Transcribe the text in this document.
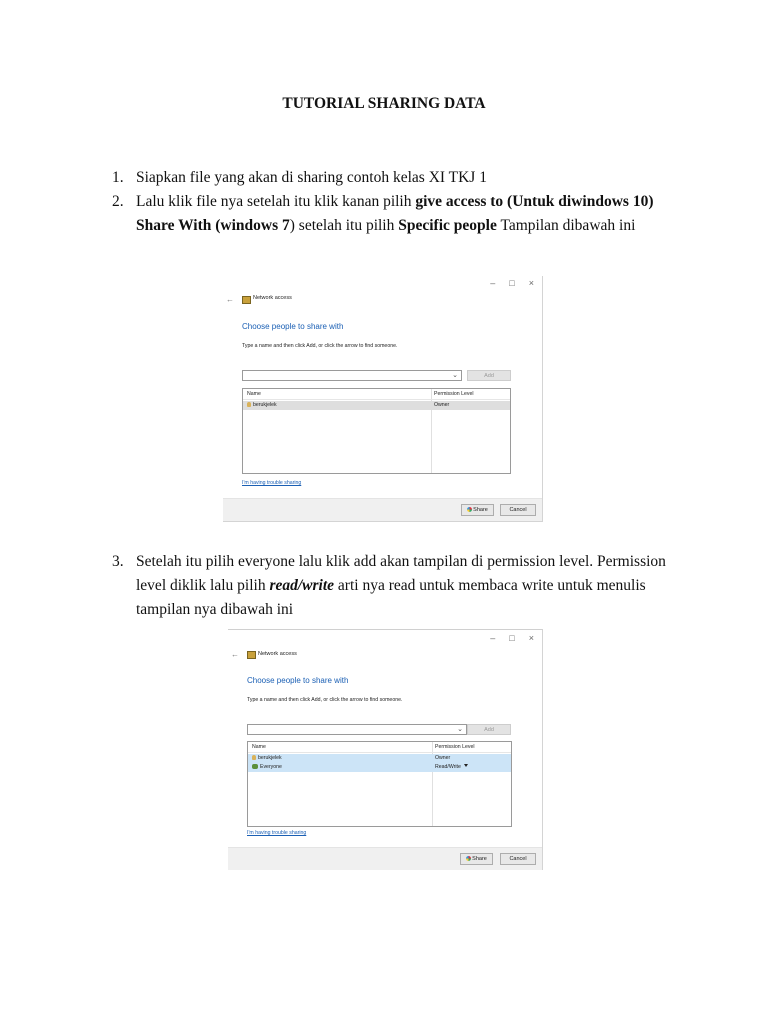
TUTORIAL SHARING DATA
1. Siapkan file yang akan di sharing contoh kelas XI TKJ 1
2. Lalu klik file nya setelah itu klik kanan pilih give access to (Untuk diwindows 10) Share With (windows 7) setelah itu pilih Specific people Tampilan dibawah ini
– □ ×
←	Network access
Choose people to share with
Type a name and then click Add, or click the arrow to find someone.
⌄	Add
Name	Permission Level
berukjelek	Owner
I'm having trouble sharing
Share	Cancel
3. Setelah itu pilih everyone lalu klik add akan tampilan di permission level. Permission level diklik lalu pilih read/write arti nya read untuk membaca write untuk menulis tampilan nya dibawah ini
– □ ×
←	Network access
Choose people to share with
Type a name and then click Add, or click the arrow to find someone.
⌄	Add
Name	Permission Level
berukjelek	Owner
Everyone	Read/Write
I'm having trouble sharing
Share	Cancel
